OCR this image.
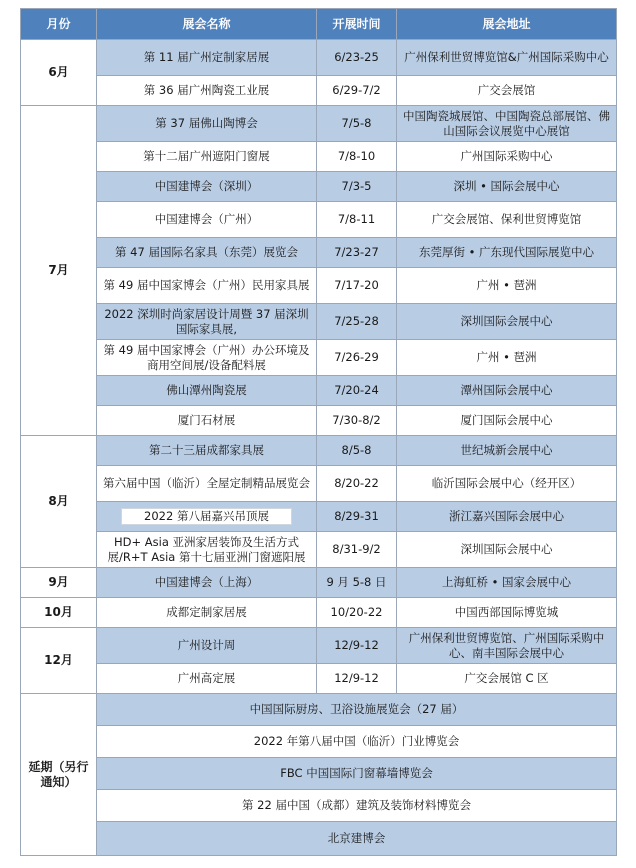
月份	展会名称	开展时间	展会地址
6月	第 11 届广州定制家居展	6/23-25	广州保利世贸博览馆&广州国际采购中心
	第 36 届广州陶瓷工业展	6/29-7/2	广交会展馆
7月	第 37 届佛山陶博会	7/5-8	中国陶瓷城展馆、中国陶瓷总部展馆、佛山国际会议展览中心展馆
	第十二届广州遮阳门窗展	7/8-10	广州国际采购中心
	中国建博会（深圳）	7/3-5	深圳 • 国际会展中心
	中国建博会（广州）	7/8-11	广交会展馆、保利世贸博览馆
	第 47 届国际名家具（东莞）展览会	7/23-27	东莞厚街 • 广东现代国际展览中心
	第 49 届中国家博会（广州）民用家具展	7/17-20	广州 • 琶洲
	2022 深圳时尚家居设计周暨 37 届深圳国际家具展,	7/25-28	深圳国际会展中心
	第 49 届中国家博会（广州）办公环境及商用空间展/设备配料展	7/26-29	广州 • 琶洲
	佛山潭州陶瓷展	7/20-24	潭州国际会展中心
	厦门石材展	7/30-8/2	厦门国际会展中心
8月	第二十三届成都家具展	8/5-8	世纪城新会展中心
	第六届中国（临沂）全屋定制精品展览会	8/20-22	临沂国际会展中心（经开区）
	2022 第八届嘉兴吊顶展	8/29-31	浙江嘉兴国际会展中心
	HD+ Asia 亚洲家居装饰及生活方式展/R+T Asia 第十七届亚洲门窗遮阳展	8/31-9/2	深圳国际会展中心
9月	中国建博会（上海）	9 月 5-8 日	上海虹桥 • 国家会展中心
10月	成都定制家居展	10/20-22	中国西部国际博览城
12月	广州设计周	12/9-12	广州保利世贸博览馆、广州国际采购中心、南丰国际会展中心
	广州高定展	12/9-12	广交会展馆 C 区
延期（另行通知）	中国国际厨房、卫浴设施展览会（27 届）		
	2022 年第八届中国（临沂）门业博览会		
	FBC 中国国际门窗幕墙博览会		
	第 22 届中国（成都）建筑及装饰材料博览会		
	北京建博会		
